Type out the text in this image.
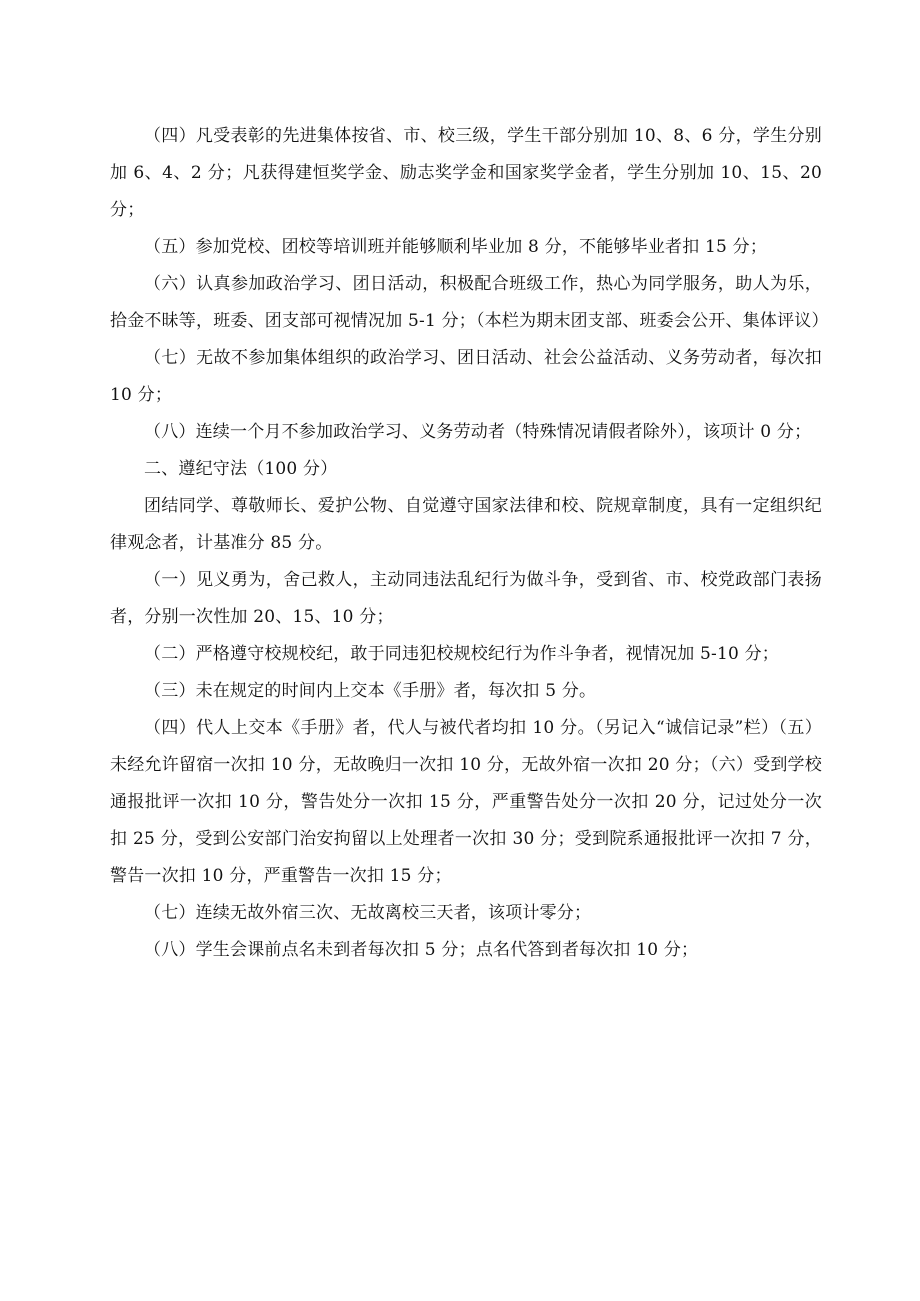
（四）凡受表彰的先进集体按省、市、校三级，学生干部分别加 10、8、6 分，学生分别加 6、4、2 分；凡获得建恒奖学金、励志奖学金和国家奖学金者，学生分别加 10、15、20 分；

（五）参加党校、团校等培训班并能够顺利毕业加 8 分，不能够毕业者扣 15 分；

（六）认真参加政治学习、团日活动，积极配合班级工作，热心为同学服务，助人为乐，拾金不昧等，班委、团支部可视情况加 5-1 分；（本栏为期末团支部、班委会公开、集体评议）

（七）无故不参加集体组织的政治学习、团日活动、社会公益活动、义务劳动者，每次扣 10 分；

（八）连续一个月不参加政治学习、义务劳动者（特殊情况请假者除外），该项计 0 分；

二、遵纪守法（100 分）

团结同学、尊敬师长、爱护公物、自觉遵守国家法律和校、院规章制度，具有一定组织纪律观念者，计基准分 85 分。

（一）见义勇为，舍己救人，主动同违法乱纪行为做斗争，受到省、市、校党政部门表扬者，分别一次性加 20、15、10 分；

（二）严格遵守校规校纪，敢于同违犯校规校纪行为作斗争者，视情况加 5-10 分；

（三）未在规定的时间内上交本《手册》者，每次扣 5 分。

（四）代人上交本《手册》者，代人与被代者均扣 10 分。（另记入“诚信记录”栏）（五）未经允许留宿一次扣 10 分，无故晚归一次扣 10 分，无故外宿一次扣 20 分；（六）受到学校通报批评一次扣 10 分，警告处分一次扣 15 分，严重警告处分一次扣 20 分，记过处分一次扣 25 分，受到公安部门治安拘留以上处理者一次扣 30 分；受到院系通报批评一次扣 7 分，警告一次扣 10 分，严重警告一次扣 15 分；

（七）连续无故外宿三次、无故离校三天者，该项计零分；

（八）学生会课前点名未到者每次扣 5 分；点名代答到者每次扣 10 分；
